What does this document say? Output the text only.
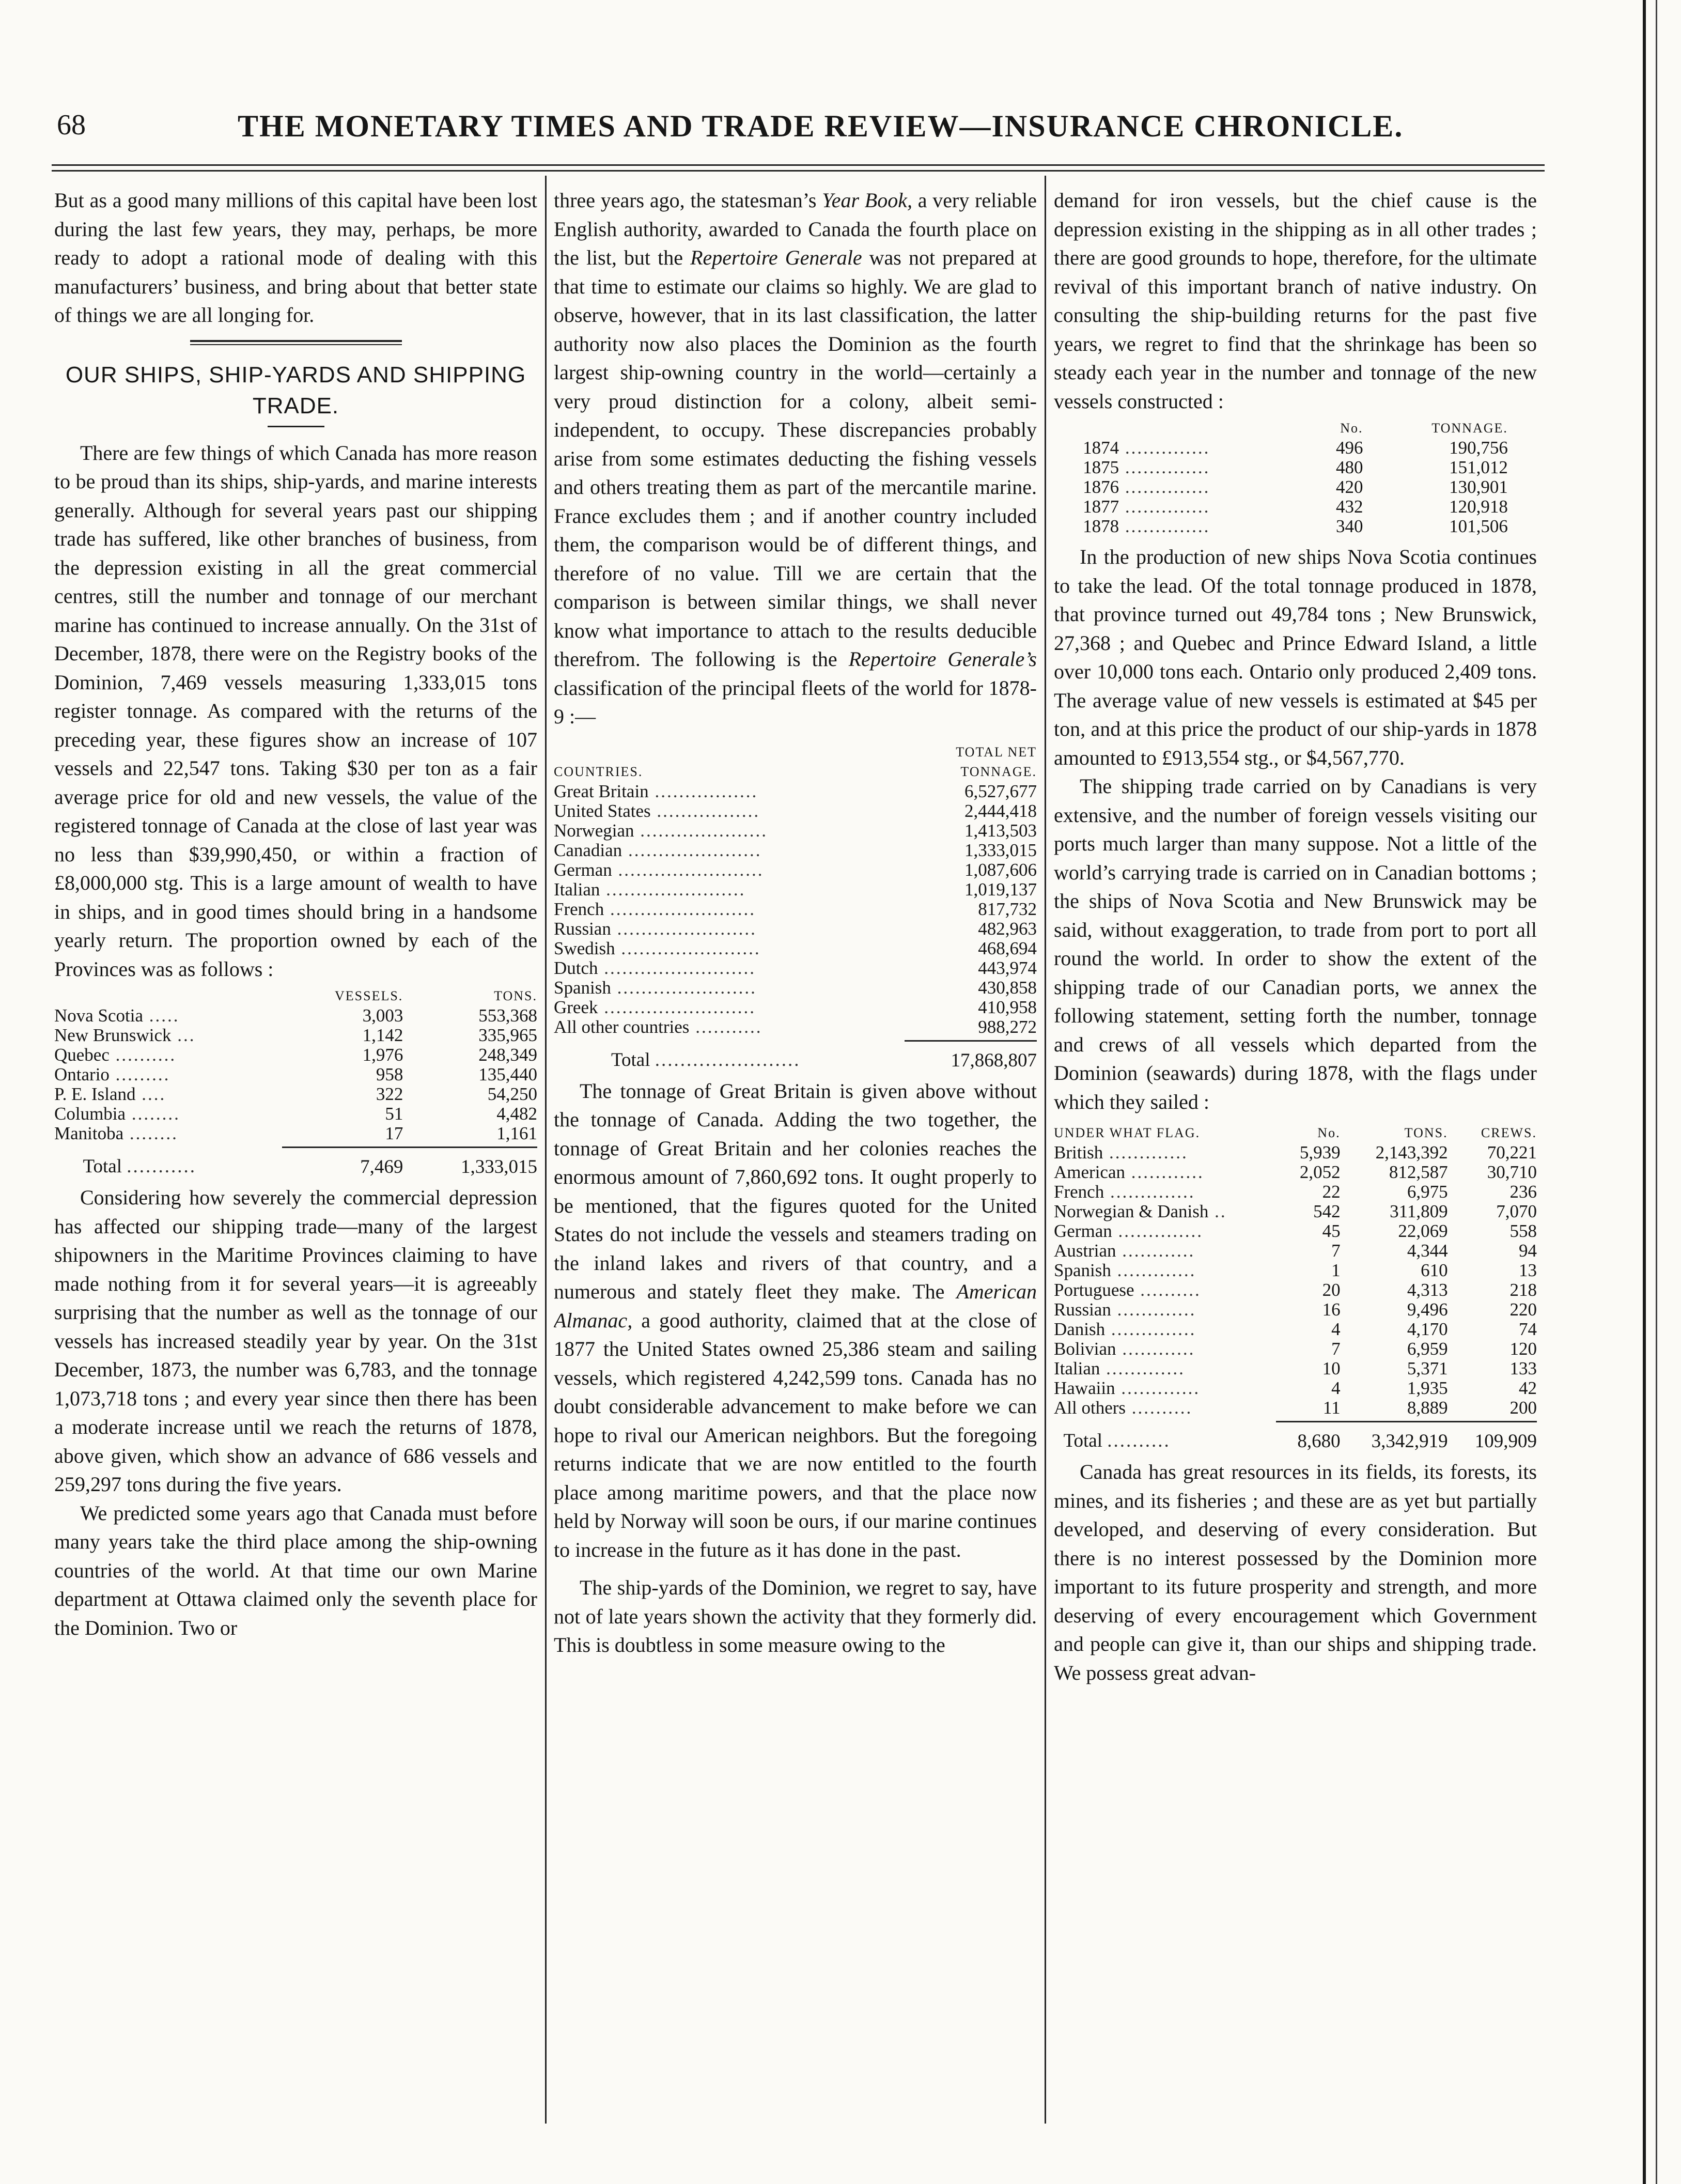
68	THE MONETARY TIMES AND TRADE REVIEW—INSURANCE CHRONICLE.

But as a good many millions of this capital have been lost during the last few years, they may, perhaps, be more ready to adopt a rational mode of dealing with this manufacturers’ business, and bring about that better state of things we are all longing for.

OUR SHIPS, SHIP-YARDS AND SHIPPING TRADE.

There are few things of which Canada has more reason to be proud than its ships, ship-yards, and marine interests generally. Although for several years past our shipping trade has suffered, like other branches of business, from the depression existing in all the great commercial centres, still the number and tonnage of our merchant marine has continued to increase annually. On the 31st of December, 1878, there were on the Registry books of the Dominion, 7,469 vessels measuring 1,333,015 tons register tonnage. As compared with the returns of the preceding year, these figures show an increase of 107 vessels and 22,547 tons. Taking $30 per ton as a fair average price for old and new vessels, the value of the registered tonnage of Canada at the close of last year was no less than $39,990,450, or within a fraction of £8,000,000 stg. This is a large amount of wealth to have in ships, and in good times should bring in a handsome yearly return. The proportion owned by each of the Provinces was as follows :

	VESSELS.	TONS.
Nova Scotia .....	3,003	553,368
New Brunswick ...	1,142	335,965
Quebec ..........	1,976	248,349
Ontario .........	958	135,440
P. E. Island ....	322	54,250
Columbia ........	51	4,482
Manitoba ........	17	1,161

Total ...........	7,469	1,333,015

Considering how severely the commercial depression has affected our shipping trade—many of the largest shipowners in the Maritime Provinces claiming to have made nothing from it for several years—it is agreeably surprising that the number as well as the tonnage of our vessels has increased steadily year by year. On the 31st December, 1873, the number was 6,783, and the tonnage 1,073,718 tons ; and every year since then there has been a moderate increase until we reach the returns of 1878, above given, which show an advance of 686 vessels and 259,297 tons during the five years.

We predicted some years ago that Canada must before many years take the third place among the ship-owning countries of the world. At that time our own Marine department at Ottawa claimed only the seventh place for the Dominion. Two or

three years ago, the statesman’s Year Book, a very reliable English authority, awarded to Canada the fourth place on the list, but the Repertoire Generale was not prepared at that time to estimate our claims so highly. We are glad to observe, however, that in its last classification, the latter authority now also places the Dominion as the fourth largest ship-owning country in the world—certainly a very proud distinction for a colony, albeit semi-independent, to occupy. These discrepancies probably arise from some estimates deducting the fishing vessels and others treating them as part of the mercantile marine. France excludes them ; and if another country included them, the comparison would be of different things, and therefore of no value. Till we are certain that the comparison is between similar things, we shall never know what importance to attach to the results deducible therefrom. The following is the Repertoire Generale’s classification of the principal fleets of the world for 1878-9 :—

	TOTAL NET
COUNTRIES.	TONNAGE.
Great Britain .................	6,527,677
United States .................	2,444,418
Norwegian .....................	1,413,503
Canadian ......................	1,333,015
German ........................	1,087,606
Italian .......................	1,019,137
French ........................	817,732
Russian .......................	482,963
Swedish .......................	468,694
Dutch .........................	443,974
Spanish .......................	430,858
Greek .........................	410,958
All other countries ...........	988,272

Total .......................	17,868,807

The tonnage of Great Britain is given above without the tonnage of Canada. Adding the two together, the tonnage of Great Britain and her colonies reaches the enormous amount of 7,860,692 tons. It ought properly to be mentioned, that the figures quoted for the United States do not include the vessels and steamers trading on the inland lakes and rivers of that country, and a numerous and stately fleet they make. The American Almanac, a good authority, claimed that at the close of 1877 the United States owned 25,386 steam and sailing vessels, which registered 4,242,599 tons. Canada has no doubt considerable advancement to make before we can hope to rival our American neighbors. But the foregoing returns indicate that we are now entitled to the fourth place among maritime powers, and that the place now held by Norway will soon be ours, if our marine continues to increase in the future as it has done in the past.

The ship-yards of the Dominion, we regret to say, have not of late years shown the activity that they formerly did. This is doubtless in some measure owing to the

demand for iron vessels, but the chief cause is the depression existing in the shipping as in all other trades ; there are good grounds to hope, therefore, for the ultimate revival of this important branch of native industry. On consulting the ship-building returns for the past five years, we regret to find that the shrinkage has been so steady each year in the number and tonnage of the new vessels constructed :

	No.	TONNAGE.
1874 ..............	496	190,756
1875 ..............	480	151,012
1876 ..............	420	130,901
1877 ..............	432	120,918
1878 ..............	340	101,506

In the production of new ships Nova Scotia continues to take the lead. Of the total tonnage produced in 1878, that province turned out 49,784 tons ; New Brunswick, 27,368 ; and Quebec and Prince Edward Island, a little over 10,000 tons each. Ontario only produced 2,409 tons. The average value of new vessels is estimated at $45 per ton, and at this price the product of our ship-yards in 1878 amounted to £913,554 stg., or $4,567,770.

The shipping trade carried on by Canadians is very extensive, and the number of foreign vessels visiting our ports much larger than many suppose. Not a little of the world’s carrying trade is carried on in Canadian bottoms ; the ships of Nova Scotia and New Brunswick may be said, without exaggeration, to trade from port to port all round the world. In order to show the extent of the shipping trade of our Canadian ports, we annex the following statement, setting forth the number, tonnage and crews of all vessels which departed from the Dominion (seawards) during 1878, with the flags under which they sailed :

UNDER WHAT FLAG.	No.	TONS.	CREWS.
British .............	5,939	2,143,392	70,221
American ............	2,052	812,587	30,710
French ..............	22	6,975	236
Norwegian & Danish ..	542	311,809	7,070
German ..............	45	22,069	558
Austrian ............	7	4,344	94
Spanish .............	1	610	13
Portuguese ..........	20	4,313	218
Russian .............	16	9,496	220
Danish ..............	4	4,170	74
Bolivian ............	7	6,959	120
Italian .............	10	5,371	133
Hawaiin .............	4	1,935	42
All others ..........	11	8,889	200

Total ..........	8,680	3,342,919	109,909

Canada has great resources in its fields, its forests, its mines, and its fisheries ; and these are as yet but partially developed, and deserving of every consideration. But there is no interest possessed by the Dominion more important to its future prosperity and strength, and more deserving of every encouragement which Government and people can give it, than our ships and shipping trade. We possess great advan-
